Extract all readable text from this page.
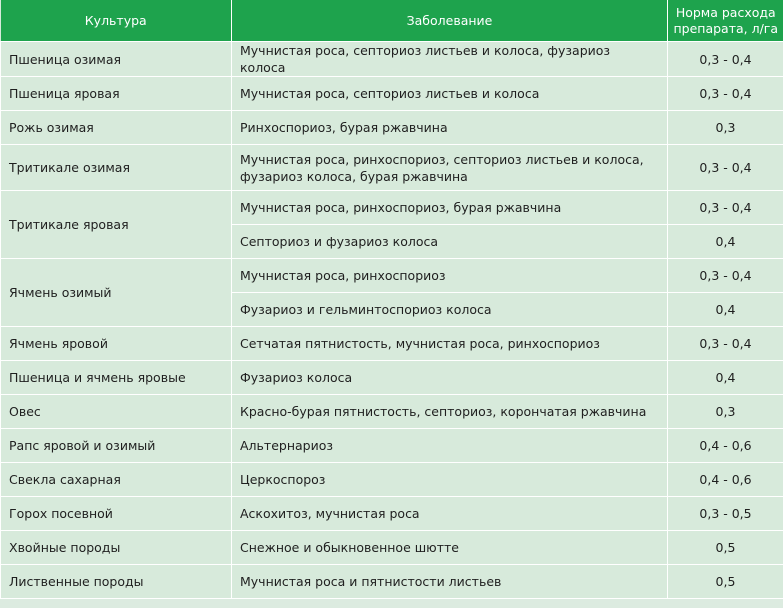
Культура	Заболевание	Норма расхода препарата, л/га
Пшеница озимая	Мучнистая роса, септориоз листьев и колоса, фузариоз колоса	0,3 - 0,4
Пшеница яровая	Мучнистая роса, септориоз листьев и колоса	0,3 - 0,4
Рожь озимая	Ринхоспориоз, бурая ржавчина	0,3
Тритикале озимая	Мучнистая роса, ринхоспориоз, септориоз листьев и колоса, фузариоз колоса, бурая ржавчина	0,3 - 0,4
Тритикале яровая	Мучнистая роса, ринхоспориоз, бурая ржавчина	0,3 - 0,4
	Септориоз и фузариоз колоса	0,4
Ячмень озимый	Мучнистая роса, ринхоспориоз	0,3 - 0,4
	Фузариоз и гельминтоспориоз колоса	0,4
Ячмень яровой	Сетчатая пятнистость, мучнистая роса, ринхоспориоз	0,3 - 0,4
Пшеница и ячмень яровые	Фузариоз колоса	0,4
Овес	Красно-бурая пятнистость, септориоз, корончатая ржавчина	0,3
Рапс яровой и озимый	Альтернариоз	0,4 - 0,6
Свекла сахарная	Церкоспороз	0,4 - 0,6
Горох посевной	Аскохитоз, мучнистая роса	0,3 - 0,5
Хвойные породы	Снежное и обыкновенное шютте	0,5
Лиственные породы	Мучнистая роса и пятнистости листьев	0,5
